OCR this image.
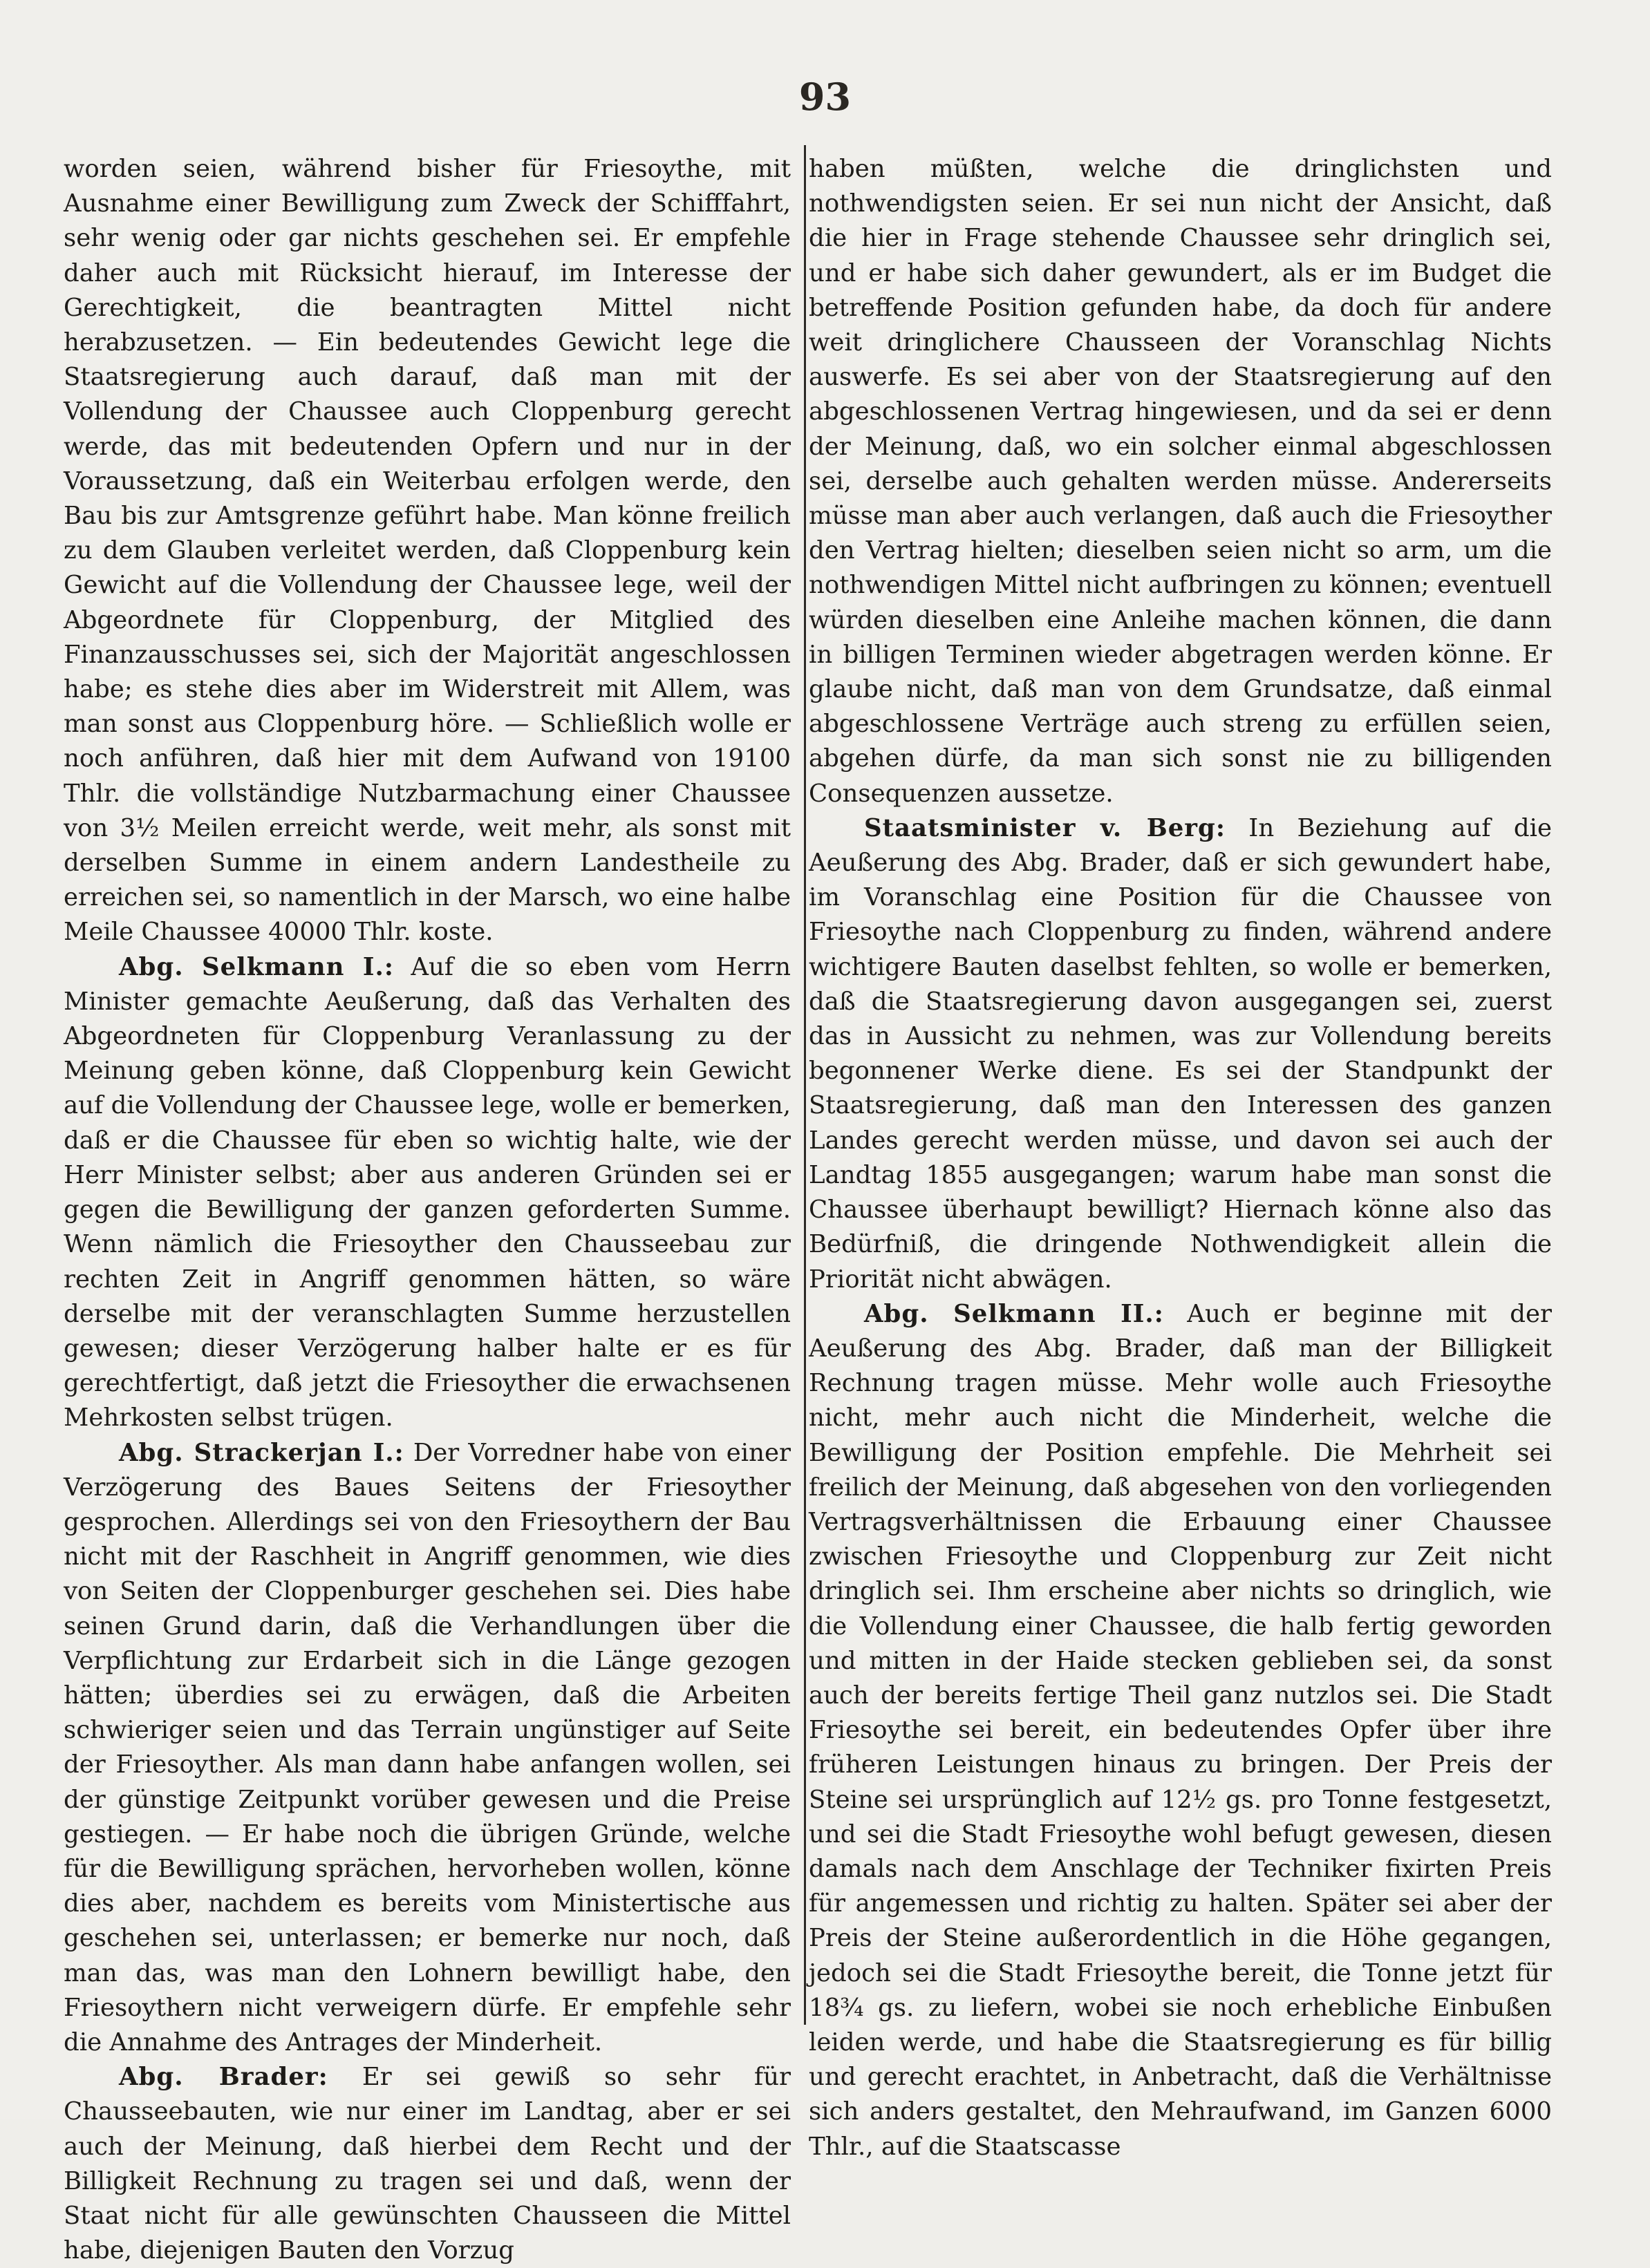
93

worden seien, während bisher für Friesoythe, mit Ausnahme einer Bewilligung zum Zweck der Schifffahrt, sehr wenig oder gar nichts geschehen sei. Er empfehle daher auch mit Rücksicht hierauf, im Interesse der Gerechtigkeit, die beantragten Mittel nicht herabzusetzen. — Ein bedeutendes Gewicht lege die Staatsregierung auch darauf, daß man mit der Vollendung der Chaussee auch Cloppenburg gerecht werde, das mit bedeutenden Opfern und nur in der Voraussetzung, daß ein Weiterbau erfolgen werde, den Bau bis zur Amtsgrenze geführt habe. Man könne freilich zu dem Glauben verleitet werden, daß Cloppenburg kein Gewicht auf die Vollendung der Chaussee lege, weil der Abgeordnete für Cloppenburg, der Mitglied des Finanzausschusses sei, sich der Majorität angeschlossen habe; es stehe dies aber im Widerstreit mit Allem, was man sonst aus Cloppenburg höre. — Schließlich wolle er noch anführen, daß hier mit dem Aufwand von 19100 Thlr. die vollständige Nutzbarmachung einer Chaussee von 3½ Meilen erreicht werde, weit mehr, als sonst mit derselben Summe in einem andern Landestheile zu erreichen sei, so namentlich in der Marsch, wo eine halbe Meile Chaussee 40000 Thlr. koste.

Abg. Selkmann I.: Auf die so eben vom Herrn Minister gemachte Aeußerung, daß das Verhalten des Abgeordneten für Cloppenburg Veranlassung zu der Meinung geben könne, daß Cloppenburg kein Gewicht auf die Vollendung der Chaussee lege, wolle er bemerken, daß er die Chaussee für eben so wichtig halte, wie der Herr Minister selbst; aber aus anderen Gründen sei er gegen die Bewilligung der ganzen geforderten Summe. Wenn nämlich die Friesoyther den Chausseebau zur rechten Zeit in Angriff genommen hätten, so wäre derselbe mit der veranschlagten Summe herzustellen gewesen; dieser Verzögerung halber halte er es für gerechtfertigt, daß jetzt die Friesoyther die erwachsenen Mehrkosten selbst trügen.

Abg. Strackerjan I.: Der Vorredner habe von einer Verzögerung des Baues Seitens der Friesoyther gesprochen. Allerdings sei von den Friesoythern der Bau nicht mit der Raschheit in Angriff genommen, wie dies von Seiten der Cloppenburger geschehen sei. Dies habe seinen Grund darin, daß die Verhandlungen über die Verpflichtung zur Erdarbeit sich in die Länge gezogen hätten; überdies sei zu erwägen, daß die Arbeiten schwieriger seien und das Terrain ungünstiger auf Seite der Friesoyther. Als man dann habe anfangen wollen, sei der günstige Zeitpunkt vorüber gewesen und die Preise gestiegen. — Er habe noch die übrigen Gründe, welche für die Bewilligung sprächen, hervorheben wollen, könne dies aber, nachdem es bereits vom Ministertische aus geschehen sei, unterlassen; er bemerke nur noch, daß man das, was man den Lohnern bewilligt habe, den Friesoythern nicht verweigern dürfe. Er empfehle sehr die Annahme des Antrages der Minderheit.

Abg. Brader: Er sei gewiß so sehr für Chausseebauten, wie nur einer im Landtag, aber er sei auch der Meinung, daß hierbei dem Recht und der Billigkeit Rechnung zu tragen sei und daß, wenn der Staat nicht für alle gewünschten Chausseen die Mittel habe, diejenigen Bauten den Vorzug

haben müßten, welche die dringlichsten und nothwendigsten seien. Er sei nun nicht der Ansicht, daß die hier in Frage stehende Chaussee sehr dringlich sei, und er habe sich daher gewundert, als er im Budget die betreffende Position gefunden habe, da doch für andere weit dringlichere Chausseen der Voranschlag Nichts auswerfe. Es sei aber von der Staatsregierung auf den abgeschlossenen Vertrag hingewiesen, und da sei er denn der Meinung, daß, wo ein solcher einmal abgeschlossen sei, derselbe auch gehalten werden müsse. Andererseits müsse man aber auch verlangen, daß auch die Friesoyther den Vertrag hielten; dieselben seien nicht so arm, um die nothwendigen Mittel nicht aufbringen zu können; eventuell würden dieselben eine Anleihe machen können, die dann in billigen Terminen wieder abgetragen werden könne. Er glaube nicht, daß man von dem Grundsatze, daß einmal abgeschlossene Verträge auch streng zu erfüllen seien, abgehen dürfe, da man sich sonst nie zu billigenden Consequenzen aussetze.

Staatsminister v. Berg: In Beziehung auf die Aeußerung des Abg. Brader, daß er sich gewundert habe, im Voranschlag eine Position für die Chaussee von Friesoythe nach Cloppenburg zu finden, während andere wichtigere Bauten daselbst fehlten, so wolle er bemerken, daß die Staatsregierung davon ausgegangen sei, zuerst das in Aussicht zu nehmen, was zur Vollendung bereits begonnener Werke diene. Es sei der Standpunkt der Staatsregierung, daß man den Interessen des ganzen Landes gerecht werden müsse, und davon sei auch der Landtag 1855 ausgegangen; warum habe man sonst die Chaussee überhaupt bewilligt? Hiernach könne also das Bedürfniß, die dringende Nothwendigkeit allein die Priorität nicht abwägen.

Abg. Selkmann II.: Auch er beginne mit der Aeußerung des Abg. Brader, daß man der Billigkeit Rechnung tragen müsse. Mehr wolle auch Friesoythe nicht, mehr auch nicht die Minderheit, welche die Bewilligung der Position empfehle. Die Mehrheit sei freilich der Meinung, daß abgesehen von den vorliegenden Vertragsverhältnissen die Erbauung einer Chaussee zwischen Friesoythe und Cloppenburg zur Zeit nicht dringlich sei. Ihm erscheine aber nichts so dringlich, wie die Vollendung einer Chaussee, die halb fertig geworden und mitten in der Haide stecken geblieben sei, da sonst auch der bereits fertige Theil ganz nutzlos sei. Die Stadt Friesoythe sei bereit, ein bedeutendes Opfer über ihre früheren Leistungen hinaus zu bringen. Der Preis der Steine sei ursprünglich auf 12½ gs. pro Tonne festgesetzt, und sei die Stadt Friesoythe wohl befugt gewesen, diesen damals nach dem Anschlage der Techniker fixirten Preis für angemessen und richtig zu halten. Später sei aber der Preis der Steine außerordentlich in die Höhe gegangen, jedoch sei die Stadt Friesoythe bereit, die Tonne jetzt für 18¾ gs. zu liefern, wobei sie noch erhebliche Einbußen leiden werde, und habe die Staatsregierung es für billig und gerecht erachtet, in Anbetracht, daß die Verhältnisse sich anders gestaltet, den Mehraufwand, im Ganzen 6000 Thlr., auf die Staatscasse
